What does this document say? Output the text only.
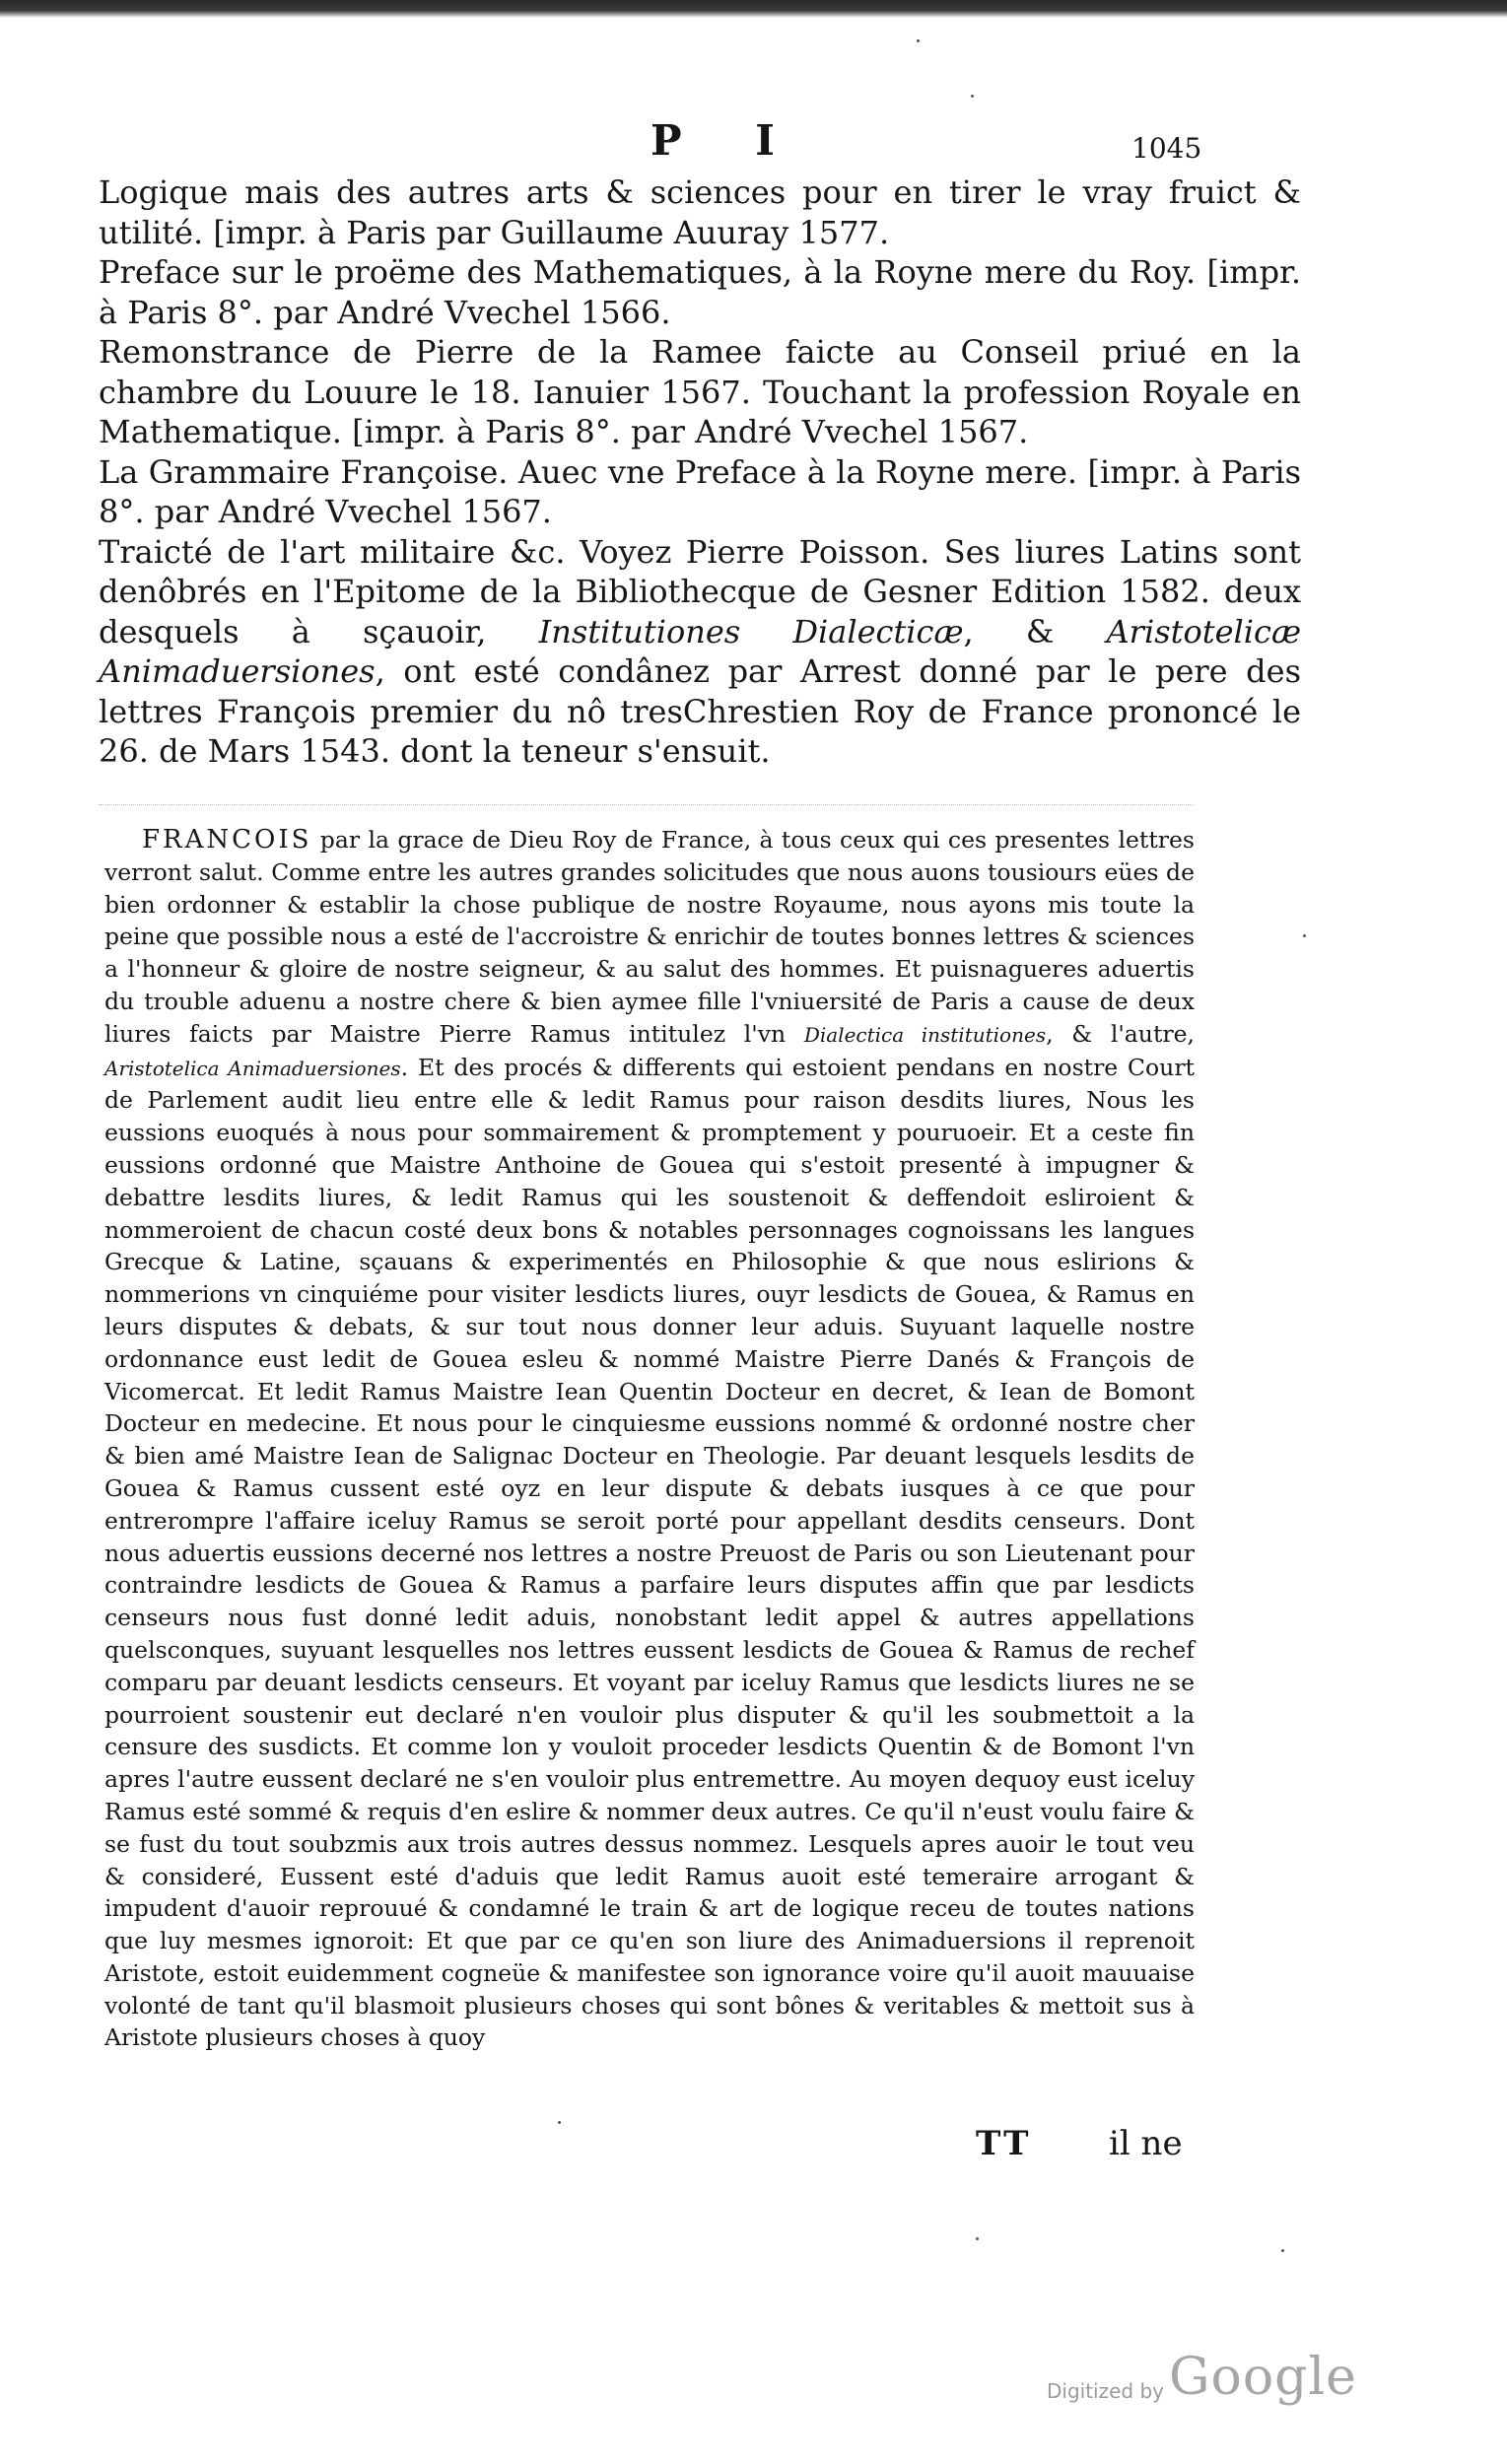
P I	1045

Logique mais des autres arts & sciences pour en tirer le vray fruict & utilité. [impr. à Paris par Guillaume Auuray 1577.

Preface sur le proëme des Mathematiques, à la Royne mere du Roy. [impr. à Paris 8°. par André Vvechel 1566.

Remonstrance de Pierre de la Ramee faicte au Conseil priué en la chambre du Louure le 18. Ianuier 1567. Touchant la profession Royale en Mathematique. [impr. à Paris 8°. par André Vvechel 1567.

La Grammaire Françoise. Auec vne Preface à la Royne mere. [impr. à Paris 8°. par André Vvechel 1567.

Traicté de l'art militaire &c. Voyez Pierre Poisson. Ses liures Latins sont denôbrés en l'Epitome de la Bibliothecque de Gesner Edition 1582. deux desquels à sçauoir, Institutiones Dialecticæ, & Aristotelicæ Animaduersiones, ont esté condânez par Arrest donné par le pere des lettres François premier du nô tresChrestien Roy de France prononcé le 26. de Mars 1543. dont la teneur s'ensuit.

FRANCOIS par la grace de Dieu Roy de France, à tous ceux qui ces presentes lettres verront salut. Comme entre les autres grandes solicitudes que nous auons tousiours eües de bien ordonner & establir la chose publique de nostre Royaume, nous ayons mis toute la peine que possible nous a esté de l'accroistre & enrichir de toutes bonnes lettres & sciences a l'honneur & gloire de nostre seigneur, & au salut des hommes. Et puisnagueres aduertis du trouble aduenu a nostre chere & bien aymee fille l'vniuersité de Paris a cause de deux liures faicts par Maistre Pierre Ramus intitulez l'vn Dialectica institutiones, & l'autre, Aristotelica Animaduersiones. Et des procés & differents qui estoient pendans en nostre Court de Parlement audit lieu entre elle & ledit Ramus pour raison desdits liures, Nous les eussions euoqués à nous pour sommairement & promptement y pouruoeir. Et a ceste fin eussions ordonné que Maistre Anthoine de Gouea qui s'estoit presenté à impugner & debattre lesdits liures, & ledit Ramus qui les soustenoit & deffendoit esliroient & nommeroient de chacun costé deux bons & notables personnages cognoissans les langues Grecque & Latine, sçauans & experimentés en Philosophie & que nous eslirions & nommerions vn cinquiéme pour visiter lesdicts liures, ouyr lesdicts de Gouea, & Ramus en leurs disputes & debats, & sur tout nous donner leur aduis. Suyuant laquelle nostre ordonnance eust ledit de Gouea esleu & nommé Maistre Pierre Danés & François de Vicomercat. Et ledit Ramus Maistre Iean Quentin Docteur en decret, & Iean de Bomont Docteur en medecine. Et nous pour le cinquiesme eussions nommé & ordonné nostre cher & bien amé Maistre Iean de Salignac Docteur en Theologie. Par deuant lesquels lesdits de Gouea & Ramus cussent esté oyz en leur dispute & debats iusques à ce que pour entrerompre l'affaire iceluy Ramus se seroit porté pour appellant desdits censeurs. Dont nous aduertis eussions decerné nos lettres a nostre Preuost de Paris ou son Lieutenant pour contraindre lesdicts de Gouea & Ramus a parfaire leurs disputes affin que par lesdicts censeurs nous fust donné ledit aduis, nonobstant ledit appel & autres appellations quelsconques, suyuant lesquelles nos lettres eussent lesdicts de Gouea & Ramus de rechef comparu par deuant lesdicts censeurs. Et voyant par iceluy Ramus que lesdicts liures ne se pourroient soustenir eut declaré n'en vouloir plus disputer & qu'il les soubmettoit a la censure des susdicts. Et comme lon y vouloit proceder lesdicts Quentin & de Bomont l'vn apres l'autre eussent declaré ne s'en vouloir plus entremettre. Au moyen dequoy eust iceluy Ramus esté sommé & requis d'en eslire & nommer deux autres. Ce qu'il n'eust voulu faire & se fust du tout soubzmis aux trois autres dessus nommez. Lesquels apres auoir le tout veu & consideré, Eussent esté d'aduis que ledit Ramus auoit esté temeraire arrogant & impudent d'auoir reprouué & condamné le train & art de logique receu de toutes nations que luy mesmes ignoroit: Et que par ce qu'en son liure des Animaduersions il reprenoit Aristote, estoit euidemment cogneüe & manifestee son ignorance voire qu'il auoit mauuaise volonté de tant qu'il blasmoit plusieurs choses qui sont bônes & veritables & mettoit sus à Aristote plusieurs choses à quoy

TT il ne
Digitized by Google
